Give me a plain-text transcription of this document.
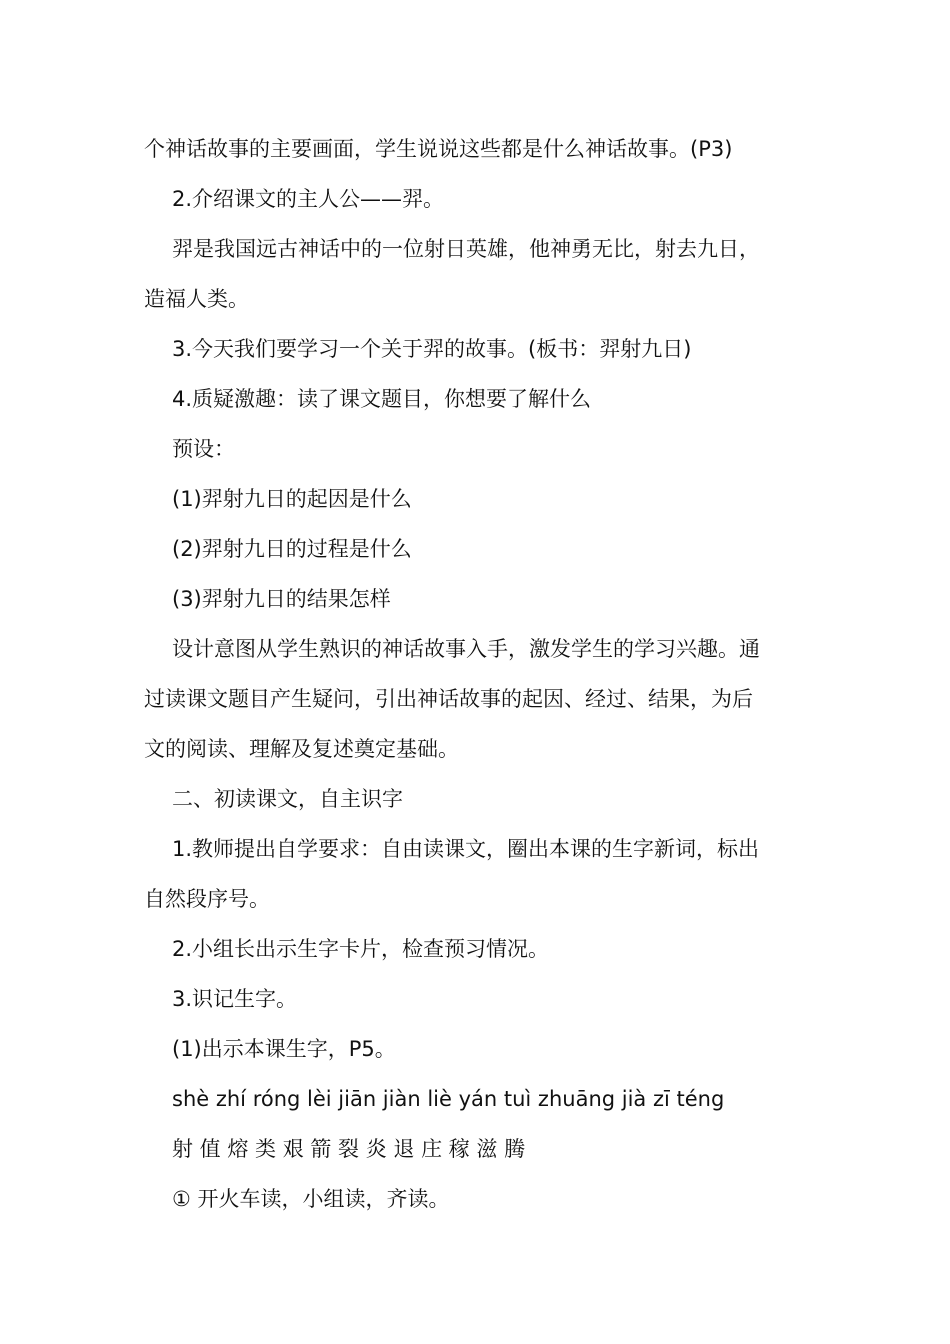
个神话故事的主要画面，学生说说这些都是什么神话故事。(P3)
2.介绍课文的主人公——羿。
羿是我国远古神话中的一位射日英雄，他神勇无比，射去九日，
造福人类。
3.今天我们要学习一个关于羿的故事。(板书：羿射九日)
4.质疑激趣：读了课文题目，你想要了解什么
预设：
(1)羿射九日的起因是什么
(2)羿射九日的过程是什么
(3)羿射九日的结果怎样
设计意图从学生熟识的神话故事入手，激发学生的学习兴趣。通
过读课文题目产生疑问，引出神话故事的起因、经过、结果，为后
文的阅读、理解及复述奠定基础。
二、初读课文，自主识字
1.教师提出自学要求：自由读课文，圈出本课的生字新词，标出
自然段序号。
2.小组长出示生字卡片，检查预习情况。
3.识记生字。
(1)出示本课生字，P5。
shè zhí róng lèi jiān jiàn liè yán tuì zhuāng jià zī téng
射 值 熔 类 艰 箭 裂 炎 退 庄 稼 滋 腾
① 开火车读，小组读，齐读。
